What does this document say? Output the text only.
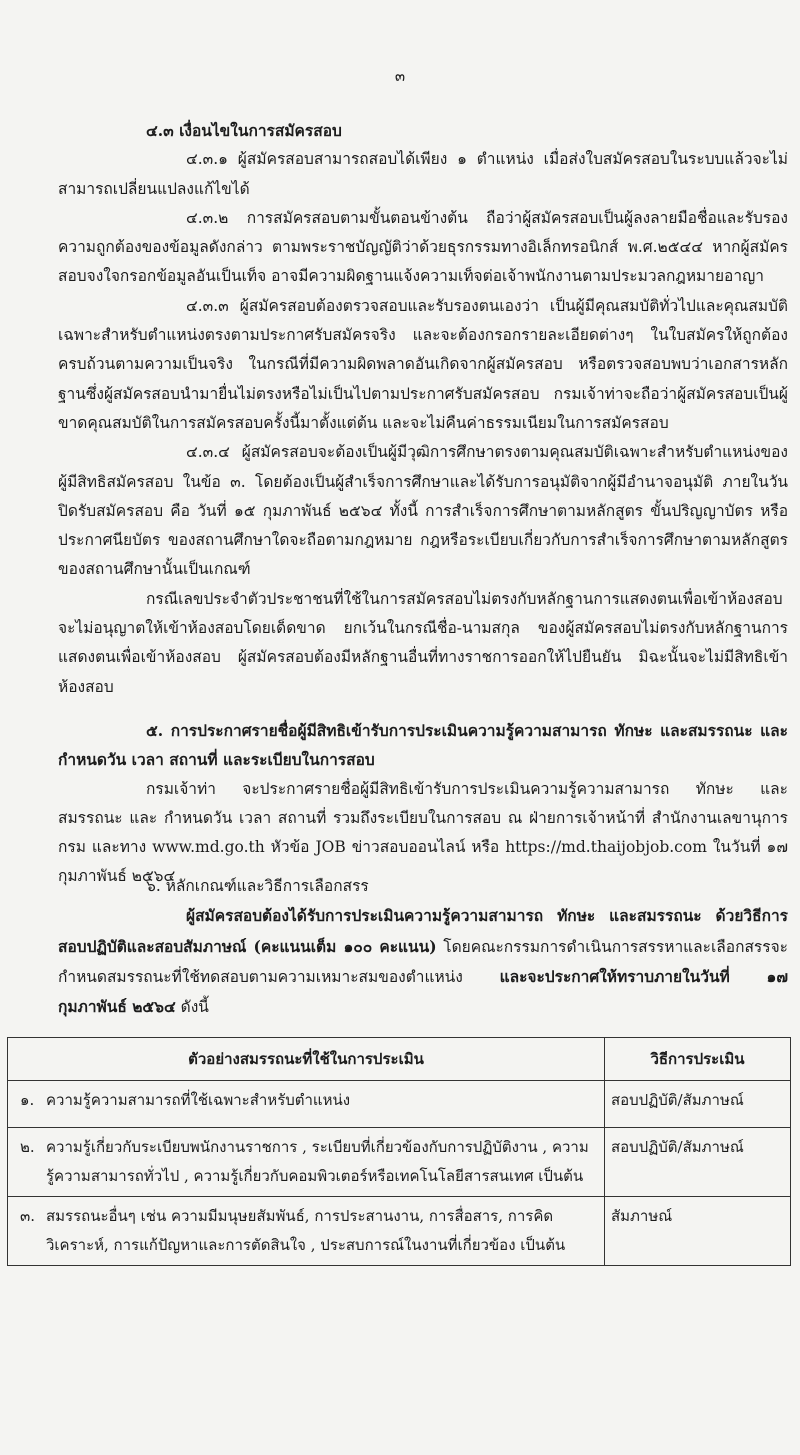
๓

๔.๓ เงื่อนไขในการสมัครสอบ

๔.๓.๑ ผู้สมัครสอบสามารถสอบได้เพียง ๑ ตำแหน่ง เมื่อส่งใบสมัครสอบในระบบแล้วจะไม่สามารถเปลี่ยนแปลงแก้ไขได้

๔.๓.๒ การสมัครสอบตามขั้นตอนข้างต้น ถือว่าผู้สมัครสอบเป็นผู้ลงลายมือชื่อและรับรองความถูกต้องของข้อมูลดังกล่าว ตามพระราชบัญญัติว่าด้วยธุรกรรมทางอิเล็กทรอนิกส์ พ.ศ.๒๕๔๔ หากผู้สมัครสอบจงใจกรอกข้อมูลอันเป็นเท็จ อาจมีความผิดฐานแจ้งความเท็จต่อเจ้าพนักงานตามประมวลกฎหมายอาญา

๔.๓.๓ ผู้สมัครสอบต้องตรวจสอบและรับรองตนเองว่า เป็นผู้มีคุณสมบัติทั่วไปและคุณสมบัติเฉพาะสำหรับตำแหน่งตรงตามประกาศรับสมัครจริง และจะต้องกรอกรายละเอียดต่างๆ ในใบสมัครให้ถูกต้องครบถ้วนตามความเป็นจริง ในกรณีที่มีความผิดพลาดอันเกิดจากผู้สมัครสอบ หรือตรวจสอบพบว่าเอกสารหลักฐานซึ่งผู้สมัครสอบนำมายื่นไม่ตรงหรือไม่เป็นไปตามประกาศรับสมัครสอบ กรมเจ้าท่าจะถือว่าผู้สมัครสอบเป็นผู้ขาดคุณสมบัติในการสมัครสอบครั้งนี้มาตั้งแต่ต้น และจะไม่คืนค่าธรรมเนียมในการสมัครสอบ

๔.๓.๔ ผู้สมัครสอบจะต้องเป็นผู้มีวุฒิการศึกษาตรงตามคุณสมบัติเฉพาะสำหรับตำแหน่งของผู้มีสิทธิสมัครสอบ ในข้อ ๓. โดยต้องเป็นผู้สำเร็จการศึกษาและได้รับการอนุมัติจากผู้มีอำนาจอนุมัติ ภายในวันปิดรับสมัครสอบ คือ วันที่ ๑๕ กุมภาพันธ์ ๒๕๖๔ ทั้งนี้ การสำเร็จการศึกษาตามหลักสูตร ขั้นปริญญาบัตร หรือประกาศนียบัตร ของสถานศึกษาใดจะถือตามกฎหมาย กฎหรือระเบียบเกี่ยวกับการสำเร็จการศึกษาตามหลักสูตรของสถานศึกษานั้นเป็นเกณฑ์

กรณีเลขประจำตัวประชาชนที่ใช้ในการสมัครสอบไม่ตรงกับหลักฐานการแสดงตนเพื่อเข้าห้องสอบจะไม่อนุญาตให้เข้าห้องสอบโดยเด็ดขาด ยกเว้นในกรณีชื่อ-นามสกุล ของผู้สมัครสอบไม่ตรงกับหลักฐานการแสดงตนเพื่อเข้าห้องสอบ ผู้สมัครสอบต้องมีหลักฐานอื่นที่ทางราชการออกให้ไปยืนยัน มิฉะนั้นจะไม่มีสิทธิเข้าห้องสอบ

๕. การประกาศรายชื่อผู้มีสิทธิเข้ารับการประเมินความรู้ความสามารถ ทักษะ และสมรรถนะ และกำหนดวัน เวลา สถานที่ และระเบียบในการสอบ

กรมเจ้าท่า จะประกาศรายชื่อผู้มีสิทธิเข้ารับการประเมินความรู้ความสามารถ ทักษะ และสมรรถนะ และ กำหนดวัน เวลา สถานที่ รวมถึงระเบียบในการสอบ ณ ฝ่ายการเจ้าหน้าที่ สำนักงานเลขานุการกรม และทาง www.md.go.th หัวข้อ JOB ข่าวสอบออนไลน์ หรือ https://md.thaijobjob.com ในวันที่ ๑๗ กุมภาพันธ์ ๒๕๖๔

๖. หลักเกณฑ์และวิธีการเลือกสรร

ผู้สมัครสอบต้องได้รับการประเมินความรู้ความสามารถ ทักษะ และสมรรถนะ ด้วยวิธีการสอบปฏิบัติและสอบสัมภาษณ์ (คะแนนเต็ม ๑๐๐ คะแนน) โดยคณะกรรมการดำเนินการสรรหาและเลือกสรรจะกำหนดสมรรถนะที่ใช้ทดสอบตามความเหมาะสมของตำแหน่ง และจะประกาศให้ทราบภายในวันที่ ๑๗ กุมภาพันธ์ ๒๕๖๔ ดังนี้

ตัวอย่างสมรรถนะที่ใช้ในการประเมิน	วิธีการประเมิน

๑. ความรู้ความสามารถที่ใช้เฉพาะสำหรับตำแหน่ง	สอบปฏิบัติ/สัมภาษณ์

๒. ความรู้เกี่ยวกับระเบียบพนักงานราชการ , ระเบียบที่เกี่ยวข้องกับการปฏิบัติงาน , ความรู้ความสามารถทั่วไป , ความรู้เกี่ยวกับคอมพิวเตอร์หรือเทคโนโลยีสารสนเทศ เป็นต้น	สอบปฏิบัติ/สัมภาษณ์

๓. สมรรถนะอื่นๆ เช่น ความมีมนุษยสัมพันธ์, การประสานงาน, การสื่อสาร, การคิดวิเคราะห์, การแก้ปัญหาและการตัดสินใจ , ประสบการณ์ในงานที่เกี่ยวข้อง เป็นต้น	สัมภาษณ์
